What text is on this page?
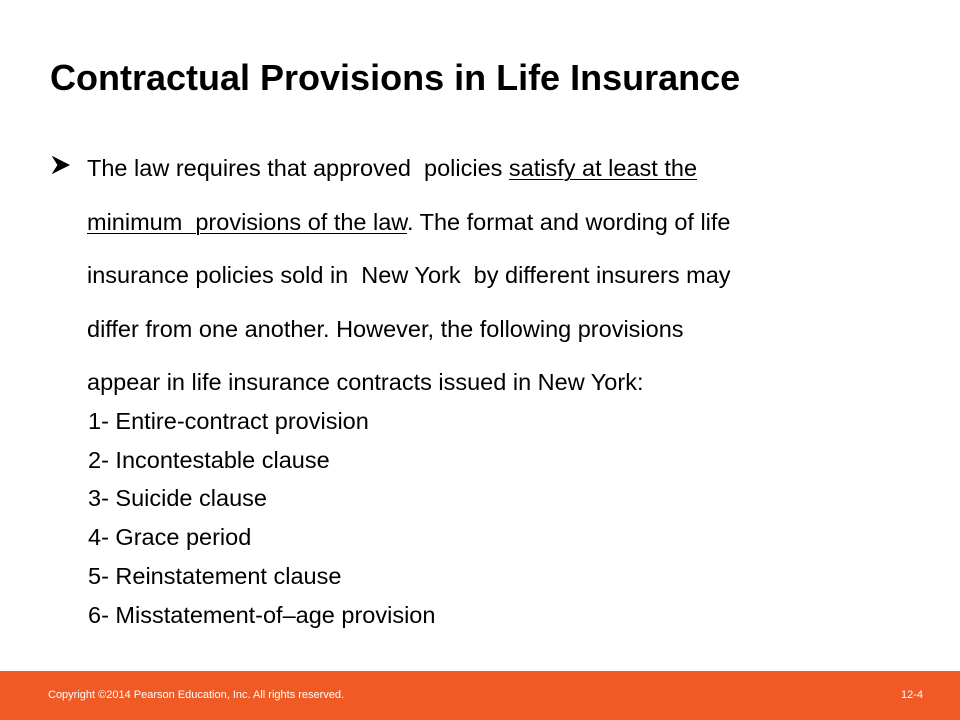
Contractual Provisions in Life Insurance
The law requires that approved  policies satisfy at least the
minimum  provisions of the law. The format and wording of life
insurance policies sold in  New York  by different insurers may
differ from one another. However, the following provisions
appear in life insurance contracts issued in New York:
1- Entire-contract provision
2- Incontestable clause
3- Suicide clause
4- Grace period
5- Reinstatement clause
6- Misstatement-of–age provision
Copyright ©2014 Pearson Education, Inc. All rights reserved.	12-4
